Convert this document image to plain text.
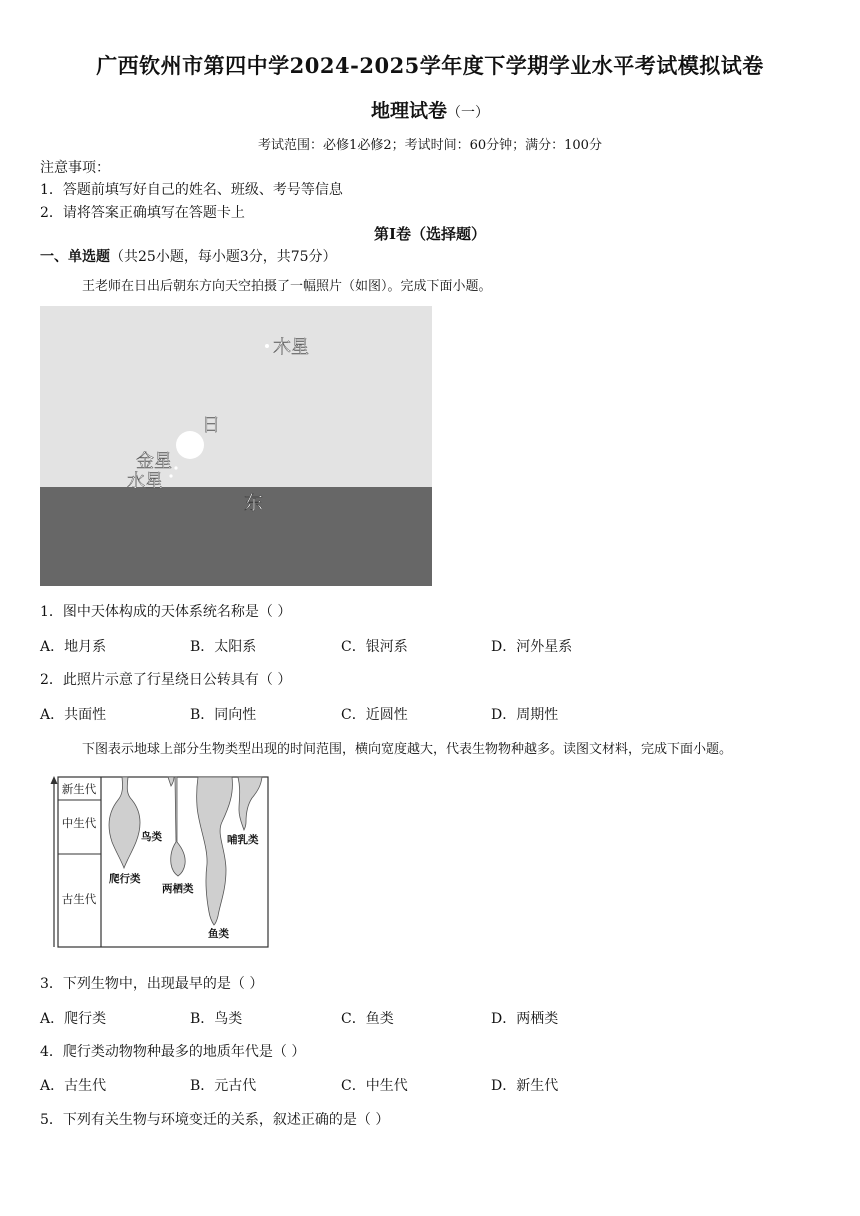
广西钦州市第四中学2024-2025学年度下学期学业水平考试模拟试卷
地理试卷（一）
考试范围：必修1必修2；考试时间：60分钟；满分：100分
注意事项：
1．答题前填写好自己的姓名、班级、考号等信息
2．请将答案正确填写在答题卡上
第I卷（选择题）
一、单选题（共25小题，每小题3分，共75分）
王老师在日出后朝东方向天空拍摄了一幅照片（如图）。完成下面小题。
木星
日
金星
水星
东
1．图中天体构成的天体系统名称是（ ）
A．地月系	B．太阳系	C．银河系	D．河外星系
2．此照片示意了行星绕日公转具有（ ）
A．共面性	B．同向性	C．近圆性	D．周期性
下图表示地球上部分生物类型出现的时间范围，横向宽度越大，代表生物物种越多。读图文材料，完成下面小题。
新生代
中生代
古生代
鸟类	哺乳类
爬行类
两栖类
鱼类
3．下列生物中，出现最早的是（ ）
A．爬行类	B．鸟类	C．鱼类	D．两栖类
4．爬行类动物物种最多的地质年代是（ ）
A．古生代	B．元古代	C．中生代	D．新生代
5．下列有关生物与环境变迁的关系，叙述正确的是（ ）
